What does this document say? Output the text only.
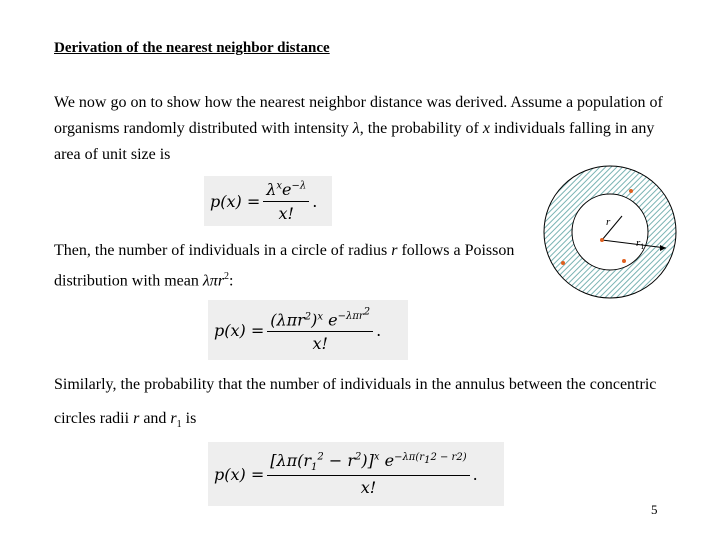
Derivation of the nearest neighbor distance
We now go on to show how the nearest neighbor distance was derived. Assume a population of organisms randomly distributed with intensity λ, the probability of x individuals falling in any area of unit size is
$p(x) = \frac{\lambda^xe^{-\lambda}}{x!}$ .
Then, the number of individuals in a circle of radius r follows a Poisson distribution with mean λπr$^2$:
r
$r_1$
$p(x) = \frac{(\lambda\pi r^2)^x e^{-\lambda\pi r^2}}{x!}$ .
Similarly, the probability that the number of individuals in the annulus between the concentric circles radii r and $r_1$ is
$p(x) = \frac{[\lambda\pi(r_1^2 - r^2)]^x e^{-\lambda\pi(r_12 - r2)}}{x!}$ .
5
